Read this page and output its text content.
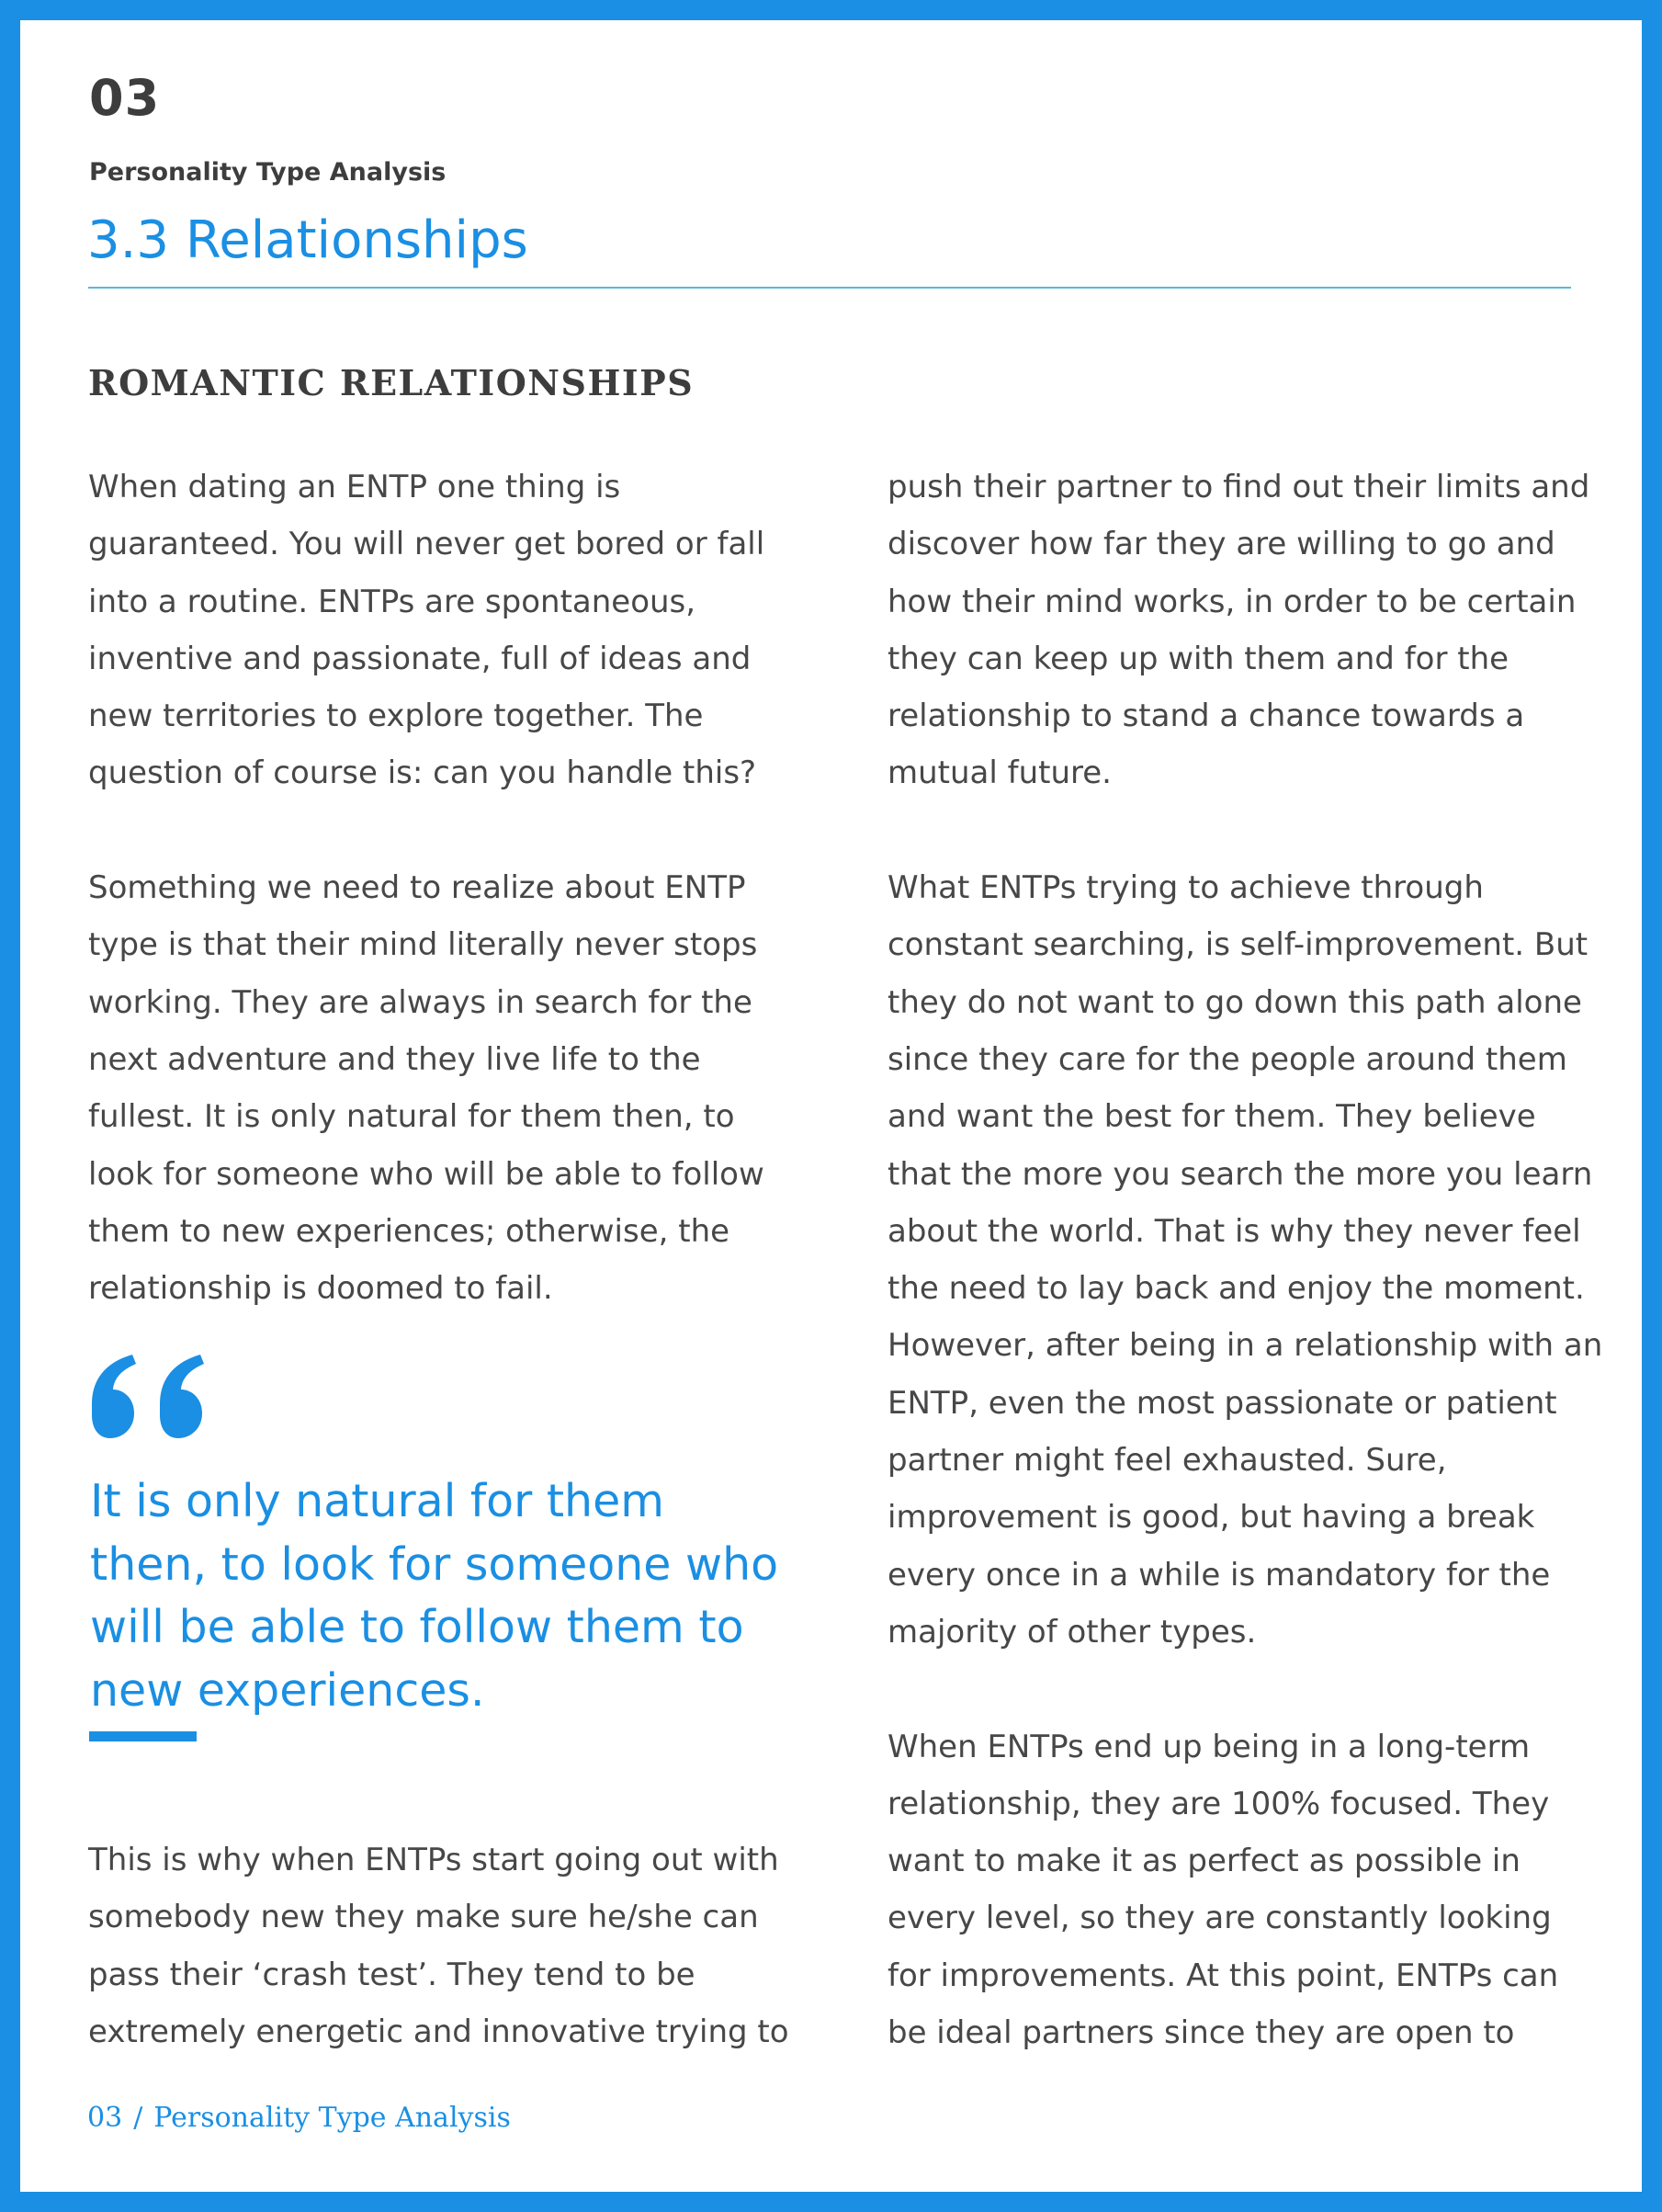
03
Personality Type Analysis
3.3 Relationships
ROMANTIC RELATIONSHIPS

When dating an ENTP one thing is guaranteed. You will never get bored or fall into a routine. ENTPs are spontaneous, inventive and passionate, full of ideas and new territories to explore together. The question of course is: can you handle this?

Something we need to realize about ENTP type is that their mind literally never stops working. They are always in search for the next adventure and they live life to the fullest. It is only natural for them then, to look for someone who will be able to follow them to new experiences; otherwise, the relationship is doomed to fail.

It is only natural for them then, to look for someone who will be able to follow them to new experiences.

This is why when ENTPs start going out with somebody new they make sure he/she can pass their ‘crash test’. They tend to be extremely energetic and innovative trying to

push their partner to find out their limits and discover how far they are willing to go and how their mind works, in order to be certain they can keep up with them and for the relationship to stand a chance towards a mutual future.

What ENTPs trying to achieve through constant searching, is self-improvement. But they do not want to go down this path alone since they care for the people around them and want the best for them. They believe that the more you search the more you learn about the world. That is why they never feel the need to lay back and enjoy the moment. However, after being in a relationship with an ENTP, even the most passionate or patient partner might feel exhausted. Sure, improvement is good, but having a break every once in a while is mandatory for the majority of other types.

When ENTPs end up being in a long-term relationship, they are 100% focused. They want to make it as perfect as possible in every level, so they are constantly looking for improvements. At this point, ENTPs can be ideal partners since they are open to

03 / Personality Type Analysis
